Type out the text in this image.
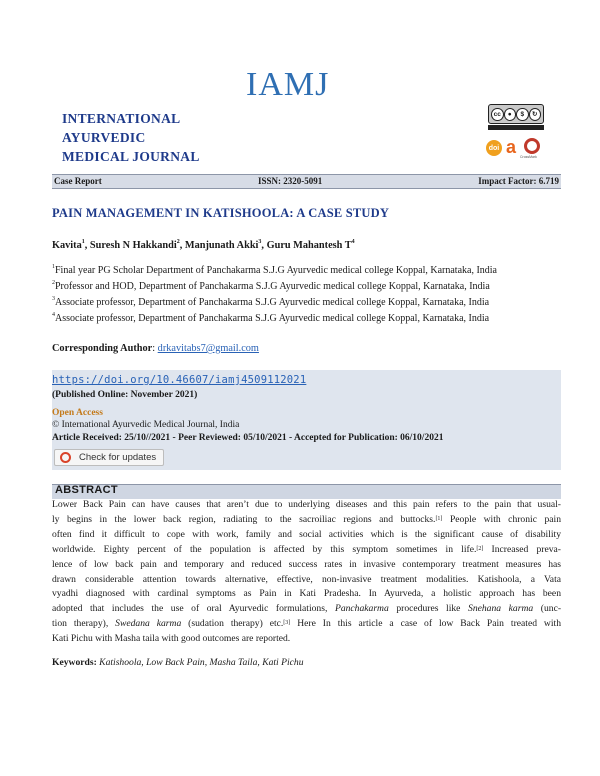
IAMJ
INTERNATIONAL
AYURVEDIC
MEDICAL JOURNAL
cc	●	$	↻
doi a	CrossMark
Case Report	ISSN: 2320-5091	Impact Factor: 6.719
PAIN MANAGEMENT IN KATISHOOLA: A CASE STUDY
Kavita$^1$, Suresh N Hakkandi$^2$, Manjunath Akki$^3$, Guru Mahantesh $T^4$
$^1$Final year PG Scholar Department of Panchakarma S.J.G Ayurvedic medical college Koppal, Karnataka, India
$^2$Professor and HOD, Department of Panchakarma S.J.G Ayurvedic medical college Koppal, Karnataka, India
$^3$Associate professor, Department of Panchakarma S.J.G Ayurvedic medical college Koppal, Karnataka, India
$^4$Associate professor, Department of Panchakarma S.J.G Ayurvedic medical college Koppal, Karnataka, India
Corresponding Author: drkavitabs7@gmail.com
https://doi.org/10.46607/iamj4509112021
(Published Online: November 2021)
Open Access
© International Ayurvedic Medical Journal, India
Article Received: 25/10//2021 - Peer Reviewed: 05/10/2021 - Accepted for Publication: 06/10/2021
Check for updates
ABSTRACT
Lower Back Pain can have causes that aren’t due to underlying diseases and this pain refers to the pain that usual-
ly begins in the lower back region, radiating to the sacroiliac regions and buttocks.[1] People with chronic pain
often find it difficult to cope with work, family and social activities which is the significant cause of disability
worldwide. Eighty percent of the population is affected by this symptom sometimes in life.[2] Increased preva-
lence of low back pain and temporary and reduced success rates in invasive contemporary treatment measures has
drawn considerable attention towards alternative, effective, non-invasive treatment modalities. Katishoola, a Vata
vyadhi diagnosed with cardinal symptoms as Pain in Kati Pradesha. In Ayurveda, a holistic approach has been
adopted that includes the use of oral Ayurvedic formulations, Panchakarma procedures like Snehana karma (unc-
tion therapy), Swedana karma (sudation therapy) etc.[3] Here In this article a case of low Back Pain treated with
Kati Pichu with Masha taila with good outcomes are reported.
Keywords: Katishoola, Low Back Pain, Masha Taila, Kati Pichu
